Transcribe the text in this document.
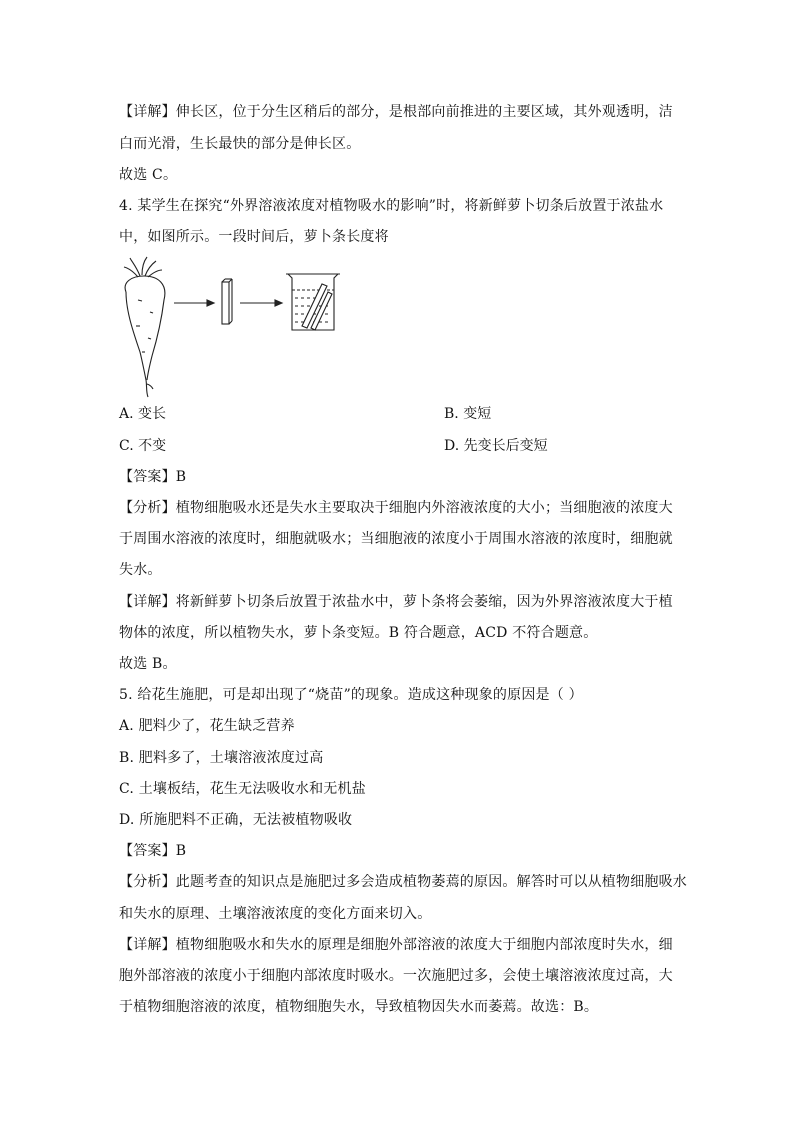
【详解】伸长区，位于分生区稍后的部分，是根部向前推进的主要区域，其外观透明，洁
白而光滑，生长最快的部分是伸长区。
故选 C。
4. 某学生在探究“外界溶液浓度对植物吸水的影响”时，将新鲜萝卜切条后放置于浓盐水
中，如图所示。一段时间后，萝卜条长度将
A. 变长	B. 变短
C. 不变	D. 先变长后变短
【答案】B
【分析】植物细胞吸水还是失水主要取决于细胞内外溶液浓度的大小；当细胞液的浓度大
于周围水溶液的浓度时，细胞就吸水；当细胞液的浓度小于周围水溶液的浓度时，细胞就
失水。
【详解】将新鲜萝卜切条后放置于浓盐水中，萝卜条将会萎缩，因为外界溶液浓度大于植
物体的浓度，所以植物失水，萝卜条变短。B 符合题意，ACD 不符合题意。
故选 B。
5. 给花生施肥，可是却出现了“烧苗”的现象。造成这种现象的原因是（ ）
A. 肥料少了，花生缺乏营养
B. 肥料多了，土壤溶液浓度过高
C. 土壤板结，花生无法吸收水和无机盐
D. 所施肥料不正确，无法被植物吸收
【答案】B
【分析】此题考查的知识点是施肥过多会造成植物萎蔫的原因。解答时可以从植物细胞吸水
和失水的原理、土壤溶液浓度的变化方面来切入。
【详解】植物细胞吸水和失水的原理是细胞外部溶液的浓度大于细胞内部浓度时失水，细
胞外部溶液的浓度小于细胞内部浓度时吸水。一次施肥过多，会使土壤溶液浓度过高，大
于植物细胞溶液的浓度，植物细胞失水，导致植物因失水而萎蔫。故选：B。
